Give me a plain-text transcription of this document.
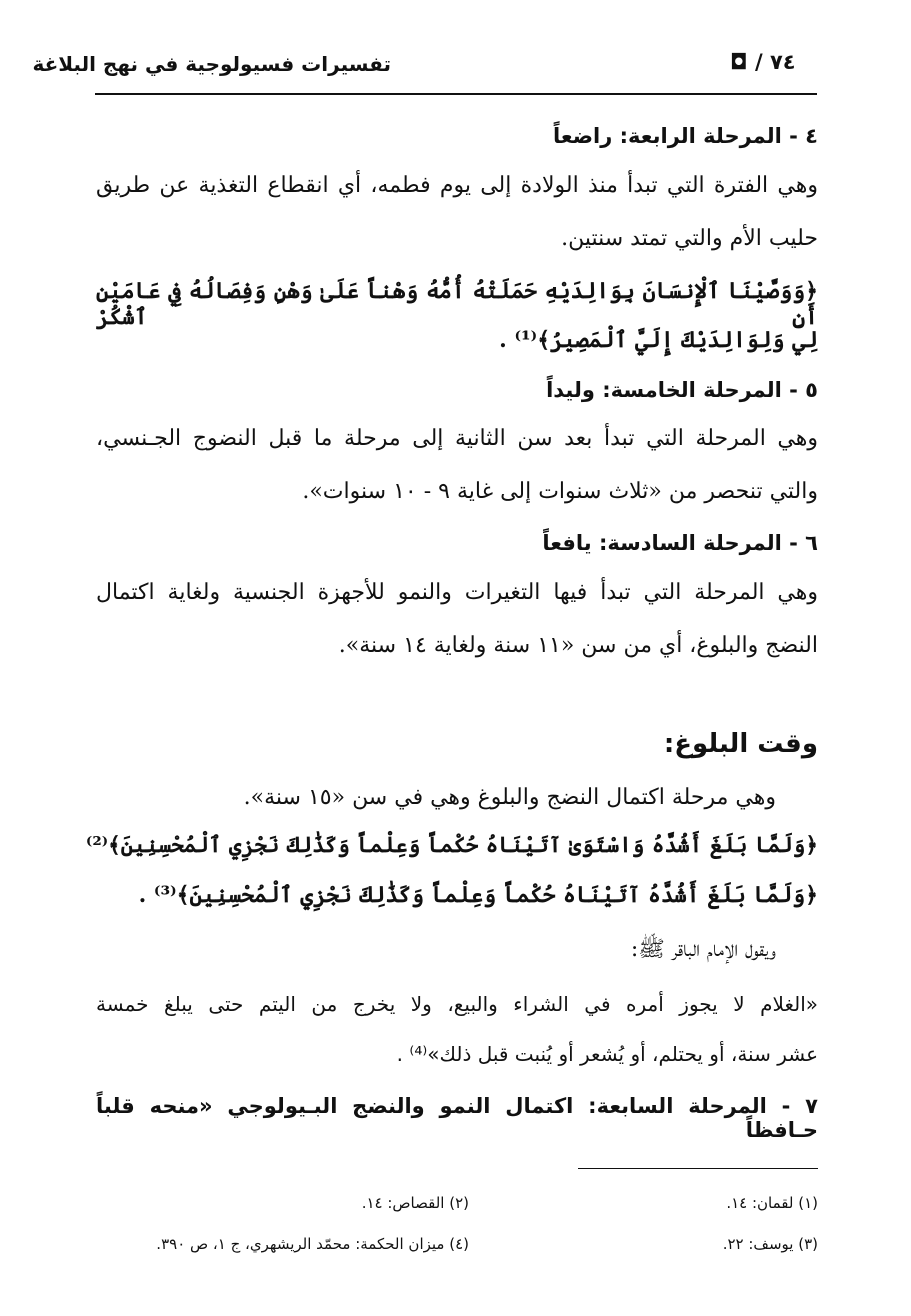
٧٤ / ◘
تفسيرات فسيولوجية في نهج البلاغة
٤ - المرحلة الرابعة: راضعاً
وهي الفترة التي تبدأ منذ الولادة إلى يوم فطمه، أي انقطاع التغذية عن طريق
حليب الأم والتي تمتد سنتين.
﴿وَوَصَّيْنَا ٱلْإِنسَانَ بِوَالِدَيْهِ حَمَلَتْهُ أُمُّهُ وَهْناً عَلَىٰ وَهْنٍ وَفِصَالُهُ فِي عَامَيْنِ أَنِ ٱشْكُرْ
لِي وَلِوَالِدَيْكَ إِلَيَّ ٱلْمَصِيرُ﴾⁽¹⁾ .
٥ - المرحلة الخامسة: وليداً
وهي المرحلة التي تبدأ بعد سن الثانية إلى مرحلة ما قبل النضوج الجـنسي،
والتي تنحصر من «ثلاث سنوات إلى غاية ٩ - ١٠ سنوات».
٦ - المرحلة السادسة: يافعاً
وهي المرحلة التي تبدأ فيها التغيرات والنمو للأجهزة الجنسية ولغاية اكتمال
النضج والبلوغ، أي من سن «١١ سنة ولغاية ١٤ سنة».
وقت البلوغ:
وهي مرحلة اكتمال النضج والبلوغ وهي في سن «١٥ سنة».
﴿وَلَمَّا بَلَغَ أَشُدَّهُ وَاسْتَوَىٰ آتَيْنَاهُ حُكْماً وَعِلْماً وَكَذَٰلِكَ نَجْزِي ٱلْمُحْسِنِينَ﴾⁽²⁾
﴿وَلَمَّا بَلَغَ أَشُدَّهُ آتَيْنَاهُ حُكْماً وَعِلْماً وَكَذَٰلِكَ نَجْزِي ٱلْمُحْسِنِينَ﴾⁽³⁾ .
ويقول الإمام الباقر ﷺ:
«الغلام لا يجوز أمره في الشراء والبيع، ولا يخرج من اليتم حتى يبلغ خمسة
عشر سنة، أو يحتلم، أو يُشعر أو يُنبت قبل ذلك»⁽⁴⁾ .
٧ - المرحلة السابعة: اكتمال النمو والنضج البـيولوجي «منحه قلباً حـافظاً
(١) لقمان: ١٤.
(٢) القصاص: ١٤.
(٣) يوسف: ٢٢.
(٤) ميزان الحكمة: محمّد الريشهري، ج ١، ص ٣٩٠.
